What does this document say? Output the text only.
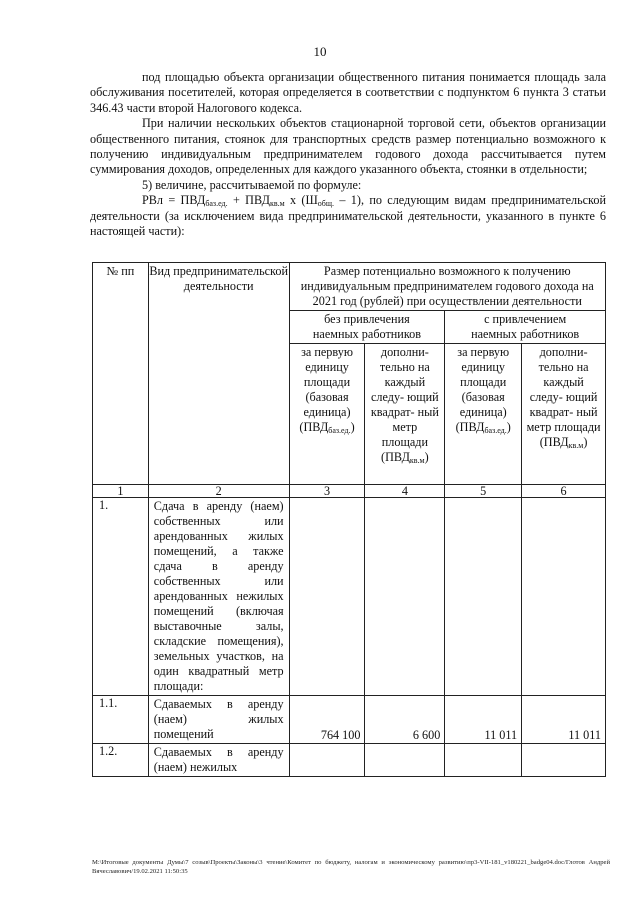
10

под площадью объекта организации общественного питания понимается площадь зала обслуживания посетителей, которая определяется в соответствии с подпунктом 6 пункта 3 статьи 346.43 части второй Налогового кодекса.

При наличии нескольких объектов стационарной торговой сети, объектов организации общественного питания, стоянок для транспортных средств размер потенциально возможного к получению индивидуальным предпринимателем годового дохода рассчитывается путем суммирования доходов, определенных для каждого указанного объекта, стоянки в отдельности;

5) величине, рассчитываемой по формуле:

РВл = $ПВД_{баз.ед.} + ПВД_{кв.м}$ х $(Ш_{общ.} - 1)$, по следующим видам предпринимательской деятельности (за исключением вида предпринимательской деятельности, указанного в пункте 6 настоящей части):

№ пп	Вид предпринимательской деятельности	Размер потенциально возможного к получению индивидуальным предпринимателем годового дохода на 2021 год (рублей) при осуществлении деятельности			
		без привлечения наемных работников		с привлечением наемных работников	
		за первую единицу площади (базовая единица) $(ПВД_{баз.ед.})$	дополни- тельно на каждый следу- ющий квадрат- ный метр площади $(ПВД_{кв.м})$	за первую единицу площади (базовая единица) $(ПВД_{баз.ед.})$	дополни- тельно на каждый следу- ющий квадрат- ный метр площади $(ПВД_{кв.м})$
1	2	3	4	5	6
1.	Сдача в аренду (наем) собственных или арендованных жилых помещений, а также сдача в аренду собственных или арендованных нежилых помещений (включая выставочные залы, складские помещения), земельных участков, на один квадратный метр площади:				
1.1.	Сдаваемых в аренду (наем) жилых помещений	764 100	6 600	11 011	11 011
1.2.	Сдаваемых в аренду (наем) нежилых				
M:\Итоговые документы Думы\7 созыв\Проекты\Законы\3 чтение\Комитет по бюджету, налогам и экономическому развитию\пр3-VII-181_v180221_badge04.doc/Глотов Андрей Вячеславович/19.02.2021 11:50:35
